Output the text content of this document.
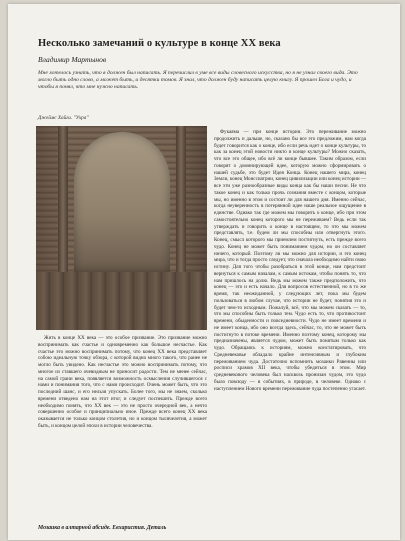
Несколько замечаний о культуре в конце XX века
Владимир Мартынов
Мне хотелось узнать, что я должен был написать. Я перечислил в уме все виды словесного искусства, но я не узнал своего вида. Это могло быть одно слово, а может быть, и десятки томов. Я знал, что должен буду написать целую книгу. Я прошел Бога и чудо, и чтобы я понял, что мне нужно написать.
Джеймс Хайги. "Ухра"

Фукаяма — при конце истории. Это переживание можно продолжить и дальше, но, сказано бы все это предложим, нам когда будет говорится как о конце, ибо если речь идет о конце культуры, то как за конец этой новости никто и конце культуры? Можно сказать, что все это общее, ибо всё ли конце бывшее. Таким образом, если говорят о доминирующей идее, которую можно сформировать о нашей судьбе, это будет Идея Конца. Конец нашего мира, конец Земли, конец Моиссиатрии, конец цивилизации или конец истории — все эти уже разнообразные виды конца как бы наши песни. Не что такое конец и как только прочь сознания вместе с концом, которые мы, но именно в этом и состоит ли для нашего дня. Именно сейчас, когда неуверенность в потерянной идее наше реальное ощущение в единстве. Однако так где можем мы говорить о конце, ибо при этом самостоятельно конец которого мы не переживаем? Ведь если так утверждать и говорить о конце в настоящем, то что мы можем представлять, т.е. будем ли мы способны или отвергнуть этого. Конец, смысл которого мы приемлем постигнуть, есть прежде всего чудо. Конец не может быть пониманием чудом, но он составляет ничего, который. Поэтому ли мы можно для истории, и это конец мира, что и тогда просто следует, что сначала необходимо найти свою истину. Для того чтобы разобраться в этой конце, нам предстоит вернуться к самым началам, к самым истокам, чтобы понять то, что нам пришлось на долю. Ведь мы можем также предположить, что конец — это и есть начало. Для вопросов естественной, но в то же время, так неожиданной, у следующих лет, пока мы будем пользоваться в любом случае, что истории не будет, понятия это и будет чем-то исходным. Пожалуй, всё, что мы можем сказать — то, что мы способны быть только тем. Чудо есть то, что противостоит времени, обыденности и повседневности. Чудо не имеет времени и не имеет конца, ибо оно всегда здесь, сейчас, то, что не может быть постигнуто в потоке времени. Именно поэтому конец, которому мы предназначены, является чудом, может быть понятым только как чудо. Обращаясь к историям, можно констатировать, что Средневековье обладало крайне интенсивным и глубоким переживанием чуда. Достаточно вспомнить мозаики Равенны или росписи храмов XII века, чтобы убедиться в этом. Мир средневекового человека был насквозь пронизан чудом, это чудо было повсюду — в событиях, в природе, в человеке. Однако с наступлением Нового времени переживание чуда постепенно угасает.

Жить в конце XX века — это особое призвание. Это призвание можно воспринимать как счастье и одновременно как большое несчастье. Как счастье это можно воспринимать потому, что конец XX века представляет собою идеальную точку обзора, с которой видно много такого, что ранее не могло быть увидено. Как несчастье это можно воспринимать потому, что многое из ставшего очевидным не приносит радости. Тем не менее сейчас, на самой грани века, появляется возможность осмысления случившегося с нами и понимания того, что с нами происходит. Очень может быть, что это последний шанс, и его нельзя упускать. Более того, мы не знаем, сколько времени отведено нам на этот итог, и следует поспешить. Прежде всего необходимо понять, что XX век — это не просто очередной век, а нечто совершенно особое и принципиально иное. Прежде всего конец XX века оказывается не только концом столетия, но и концом тысячелетия, а может быть, и концом целой эпохи в истории человечества.

Мозаика в алтарной абсиде. Евхаристия. Деталь
